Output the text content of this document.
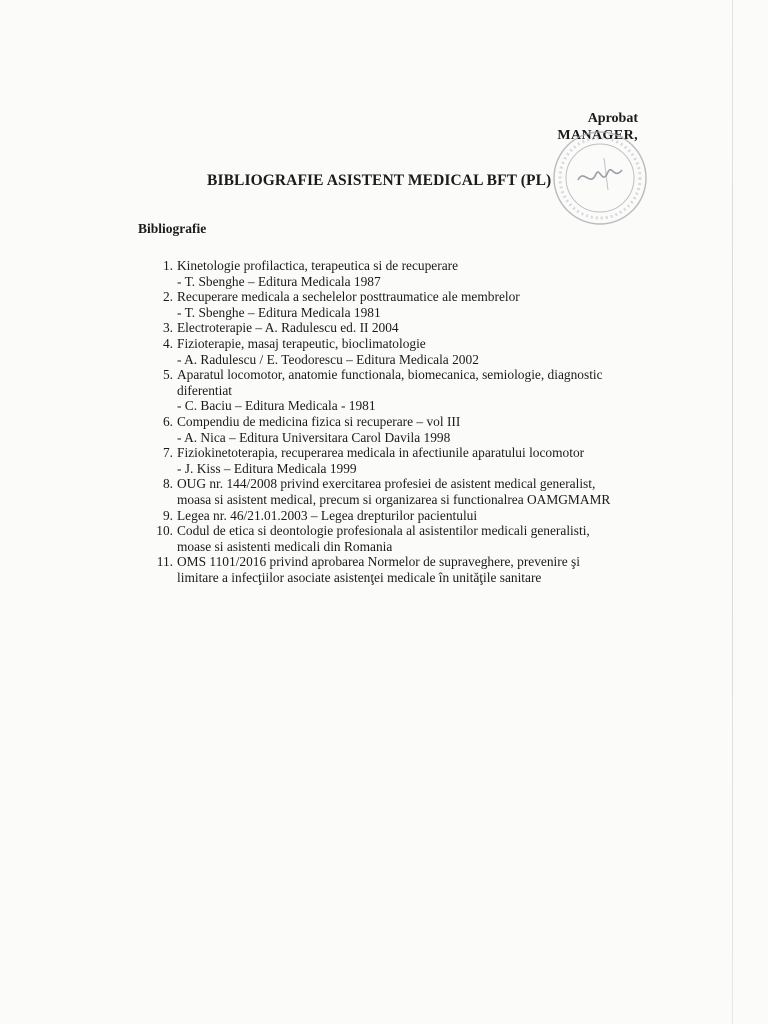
Aprobat
MANAGER,
BIBLIOGRAFIE ASISTENT MEDICAL BFT (PL)
Bibliografie
1. Kinetologie profilactica, terapeutica si de recuperare
- T. Sbenghe – Editura Medicala 1987
2. Recuperare medicala a sechelelor posttraumatice ale membrelor
- T. Sbenghe – Editura Medicala 1981
3. Electroterapie – A. Radulescu ed. II 2004
4. Fizioterapie, masaj terapeutic, bioclimatologie
- A. Radulescu / E. Teodorescu – Editura Medicala 2002
5. Aparatul locomotor, anatomie functionala, biomecanica, semiologie, diagnostic
diferentiat
- C. Baciu – Editura Medicala - 1981
6. Compendiu de medicina fizica si recuperare – vol III
- A. Nica – Editura Universitara Carol Davila 1998
7. Fiziokinetoterapia, recuperarea medicala in afectiunile aparatului locomotor
- J. Kiss – Editura Medicala 1999
8. OUG nr. 144/2008 privind exercitarea profesiei de asistent medical generalist,
moasa si asistent medical, precum si organizarea si functionalrea OAMGMAMR
9. Legea nr. 46/21.01.2003 – Legea drepturilor pacientului
10. Codul de etica si deontologie profesionala al asistentilor medicali generalisti,
moase si asistenti medicali din Romania
11. OMS 1101/2016 privind aprobarea Normelor de supraveghere, prevenire şi
limitare a infecţiilor asociate asistenţei medicale în unităţile sanitare
